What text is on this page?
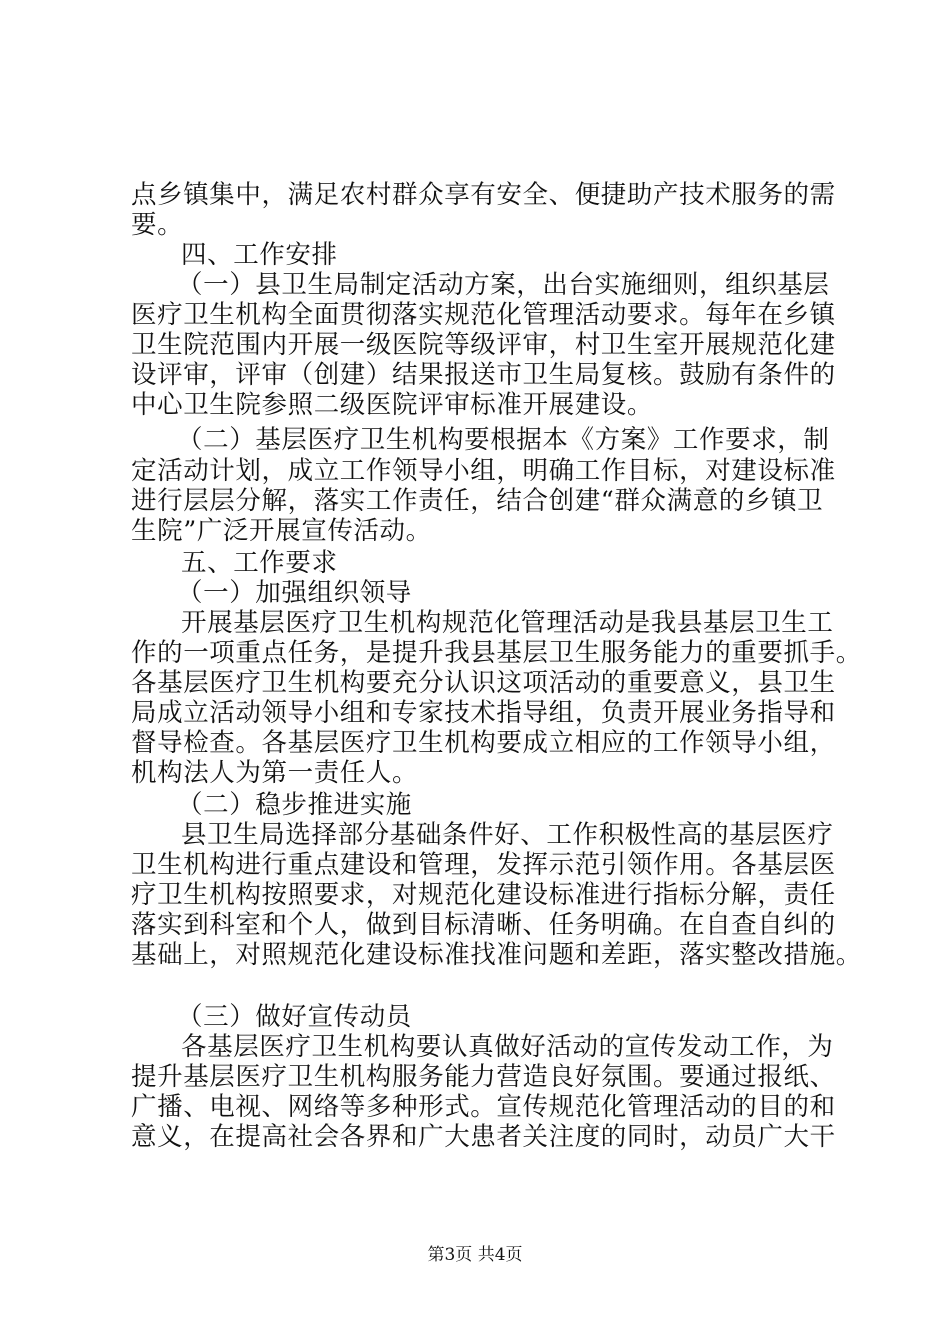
点乡镇集中，满足农村群众享有安全、便捷助产技术服务的需
要。
四、工作安排
（一）县卫生局制定活动方案，出台实施细则，组织基层
医疗卫生机构全面贯彻落实规范化管理活动要求。每年在乡镇
卫生院范围内开展一级医院等级评审，村卫生室开展规范化建
设评审，评审（创建）结果报送市卫生局复核。鼓励有条件的
中心卫生院参照二级医院评审标准开展建设。
（二）基层医疗卫生机构要根据本《方案》工作要求，制
定活动计划，成立工作领导小组，明确工作目标，对建设标准
进行层层分解，落实工作责任，结合创建“群众满意的乡镇卫
生院”广泛开展宣传活动。
五、工作要求
（一）加强组织领导
开展基层医疗卫生机构规范化管理活动是我县基层卫生工
作的一项重点任务，是提升我县基层卫生服务能力的重要抓手。
各基层医疗卫生机构要充分认识这项活动的重要意义，县卫生
局成立活动领导小组和专家技术指导组，负责开展业务指导和
督导检查。各基层医疗卫生机构要成立相应的工作领导小组，
机构法人为第一责任人。
（二）稳步推进实施
县卫生局选择部分基础条件好、工作积极性高的基层医疗
卫生机构进行重点建设和管理，发挥示范引领作用。各基层医
疗卫生机构按照要求，对规范化建设标准进行指标分解，责任
落实到科室和个人，做到目标清晰、任务明确。在自查自纠的
基础上，对照规范化建设标准找准问题和差距，落实整改措施。
（三）做好宣传动员
各基层医疗卫生机构要认真做好活动的宣传发动工作，为
提升基层医疗卫生机构服务能力营造良好氛围。要通过报纸、
广播、电视、网络等多种形式。宣传规范化管理活动的目的和
意义，在提高社会各界和广大患者关注度的同时，动员广大干
第3页 共4页
